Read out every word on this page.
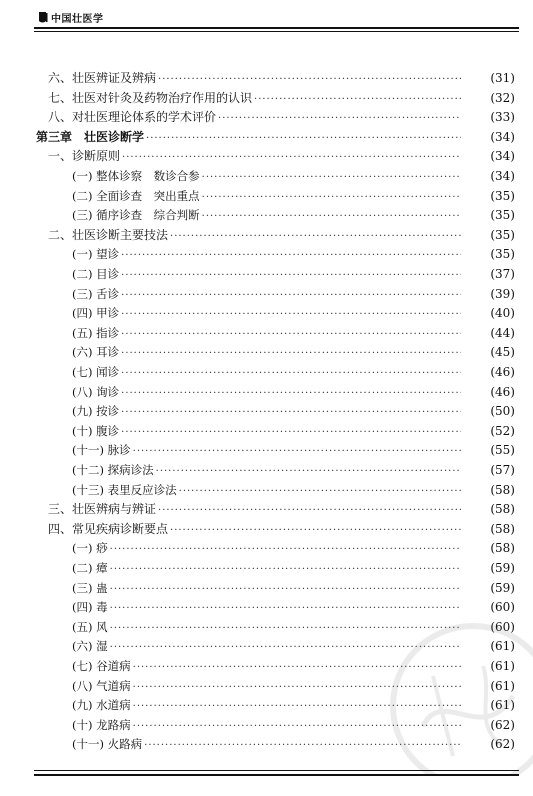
中国壮医学
六、壮医辨证及辨病 ·····	(31)
七、壮医对针灸及药物治疗作用的认识 ·····	(32)
八、对壮医理论体系的学术评价 ·····	(33)
第三章　壮医诊断学 ·····	(34)
一、诊断原则 ·····	(34)
(一) 整体诊察　数诊合参 ·····	(34)
(二) 全面诊查　突出重点 ·····	(35)
(三) 循序诊查　综合判断 ·····	(35)
二、壮医诊断主要技法 ·····	(35)
(一) 望诊 ·····	(35)
(二) 目诊 ·····	(37)
(三) 舌诊 ·····	(39)
(四) 甲诊 ·····	(40)
(五) 指诊 ·····	(44)
(六) 耳诊 ·····	(45)
(七) 闻诊 ·····	(46)
(八) 询诊 ·····	(46)
(九) 按诊 ·····	(50)
(十) 腹诊 ·····	(52)
(十一) 脉诊 ·····	(55)
(十二) 探病诊法 ·····	(57)
(十三) 表里反应诊法 ·····	(58)
三、壮医辨病与辨证 ·····	(58)
四、常见疾病诊断要点 ·····	(58)
(一) 痧 ·····	(58)
(二) 瘴 ·····	(59)
(三) 蛊 ·····	(59)
(四) 毒 ·····	(60)
(五) 风 ·····	(60)
(六) 湿 ·····	(61)
(七) 谷道病 ·····	(61)
(八) 气道病 ·····	(61)
(九) 水道病 ·····	(61)
(十) 龙路病 ·····	(62)
(十一) 火路病 ·····	(62)
